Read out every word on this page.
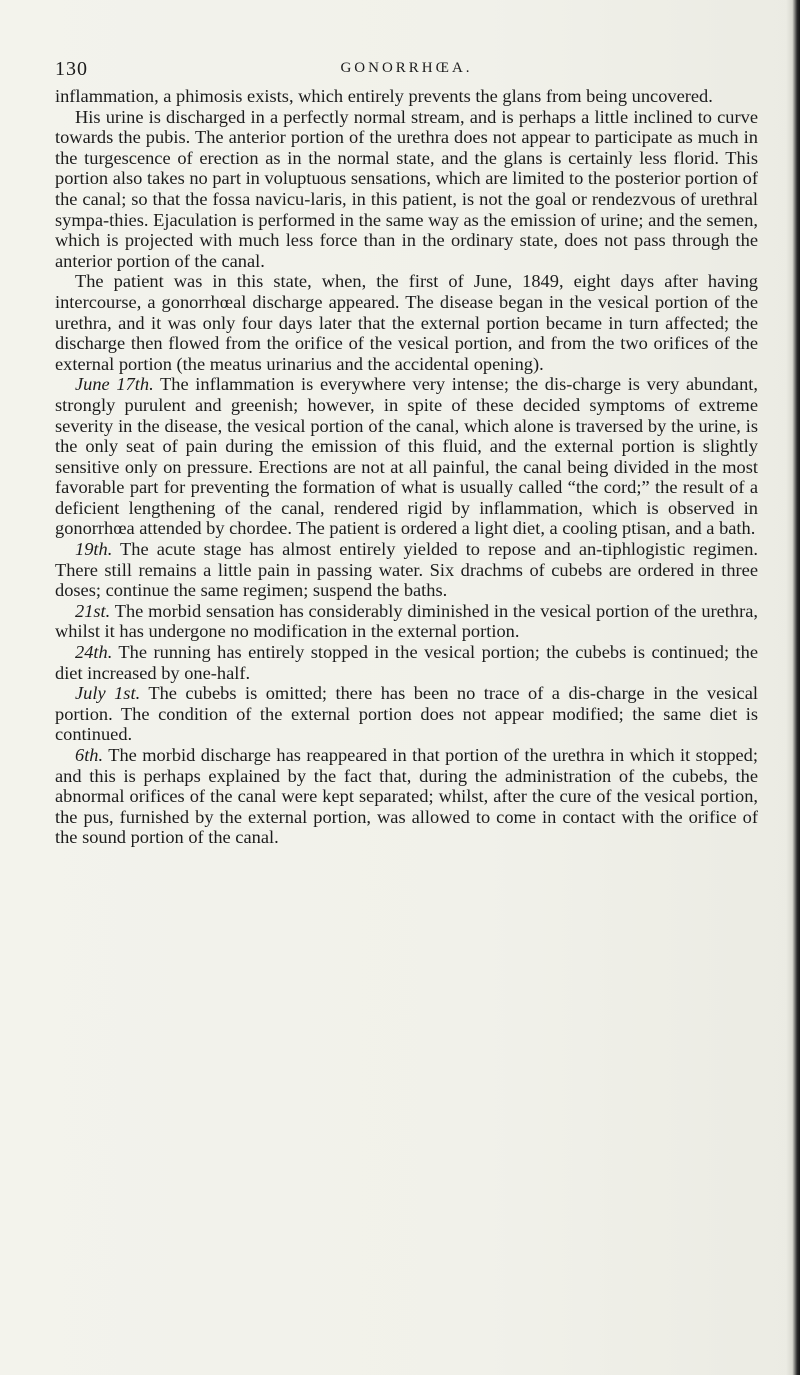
130	GONORRHŒA.

inflammation, a phimosis exists, which entirely prevents the glans from being uncovered.

His urine is discharged in a perfectly normal stream, and is perhaps a little inclined to curve towards the pubis. The anterior portion of the urethra does not appear to participate as much in the turgescence of erection as in the normal state, and the glans is certainly less florid. This portion also takes no part in voluptuous sensations, which are limited to the posterior portion of the canal; so that the fossa navicu-laris, in this patient, is not the goal or rendezvous of urethral sympa-thies. Ejaculation is performed in the same way as the emission of urine; and the semen, which is projected with much less force than in the ordinary state, does not pass through the anterior portion of the canal.

The patient was in this state, when, the first of June, 1849, eight days after having intercourse, a gonorrhœal discharge appeared. The disease began in the vesical portion of the urethra, and it was only four days later that the external portion became in turn affected; the discharge then flowed from the orifice of the vesical portion, and from the two orifices of the external portion (the meatus urinarius and the accidental opening).

June 17th. The inflammation is everywhere very intense; the dis-charge is very abundant, strongly purulent and greenish; however, in spite of these decided symptoms of extreme severity in the disease, the vesical portion of the canal, which alone is traversed by the urine, is the only seat of pain during the emission of this fluid, and the external portion is slightly sensitive only on pressure. Erections are not at all painful, the canal being divided in the most favorable part for preventing the formation of what is usually called “the cord;” the result of a deficient lengthening of the canal, rendered rigid by inflammation, which is observed in gonorrhœa attended by chordee. The patient is ordered a light diet, a cooling ptisan, and a bath.

19th. The acute stage has almost entirely yielded to repose and an-tiphlogistic regimen. There still remains a little pain in passing water. Six drachms of cubebs are ordered in three doses; continue the same regimen; suspend the baths.

21st. The morbid sensation has considerably diminished in the vesical portion of the urethra, whilst it has undergone no modification in the external portion.

24th. The running has entirely stopped in the vesical portion; the cubebs is continued; the diet increased by one-half.

July 1st. The cubebs is omitted; there has been no trace of a dis-charge in the vesical portion. The condition of the external portion does not appear modified; the same diet is continued.

6th. The morbid discharge has reappeared in that portion of the urethra in which it stopped; and this is perhaps explained by the fact that, during the administration of the cubebs, the abnormal orifices of the canal were kept separated; whilst, after the cure of the vesical portion, the pus, furnished by the external portion, was allowed to come in contact with the orifice of the sound portion of the canal.
